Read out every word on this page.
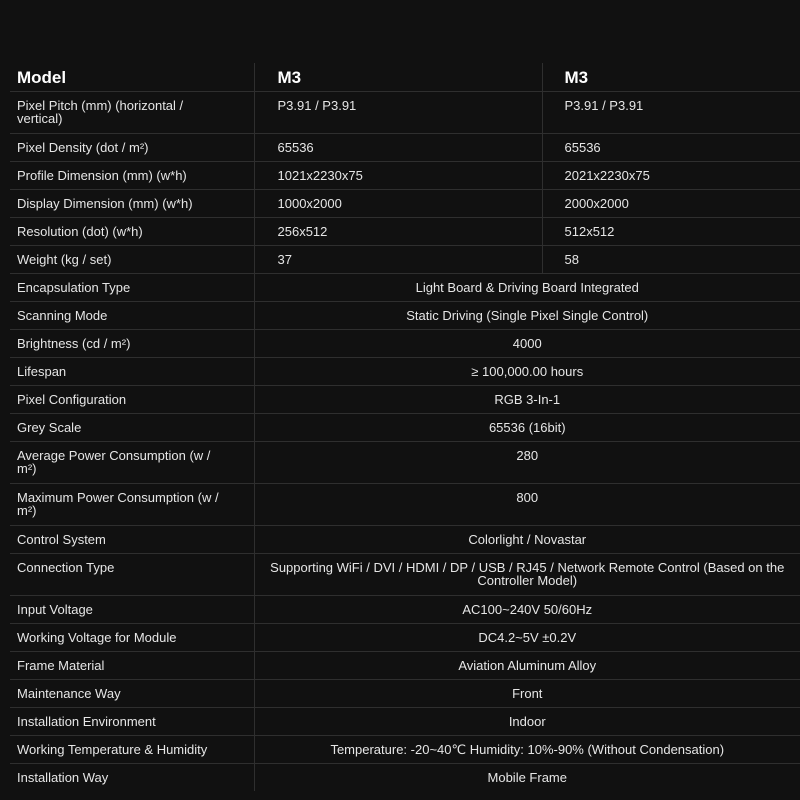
Model	M3	M3
Pixel Pitch (mm) (horizontal / vertical)	P3.91 / P3.91	P3.91 / P3.91
Pixel Density (dot / m²)	65536	65536
Profile Dimension (mm) (w*h)	1021x2230x75	2021x2230x75
Display Dimension (mm) (w*h)	1000x2000	2000x2000
Resolution (dot) (w*h)	256x512	512x512
Weight (kg / set)	37	58
Encapsulation Type	Light Board & Driving Board Integrated	
Scanning Mode	Static Driving (Single Pixel Single Control)	
Brightness (cd / m²)	4000	
Lifespan	≥ 100,000.00 hours	
Pixel Configuration	RGB 3-In-1	
Grey Scale	65536 (16bit)	
Average Power Consumption (w / m²)	280	
Maximum Power Consumption (w / m²)	800	
Control System	Colorlight / Novastar	
Connection Type	Supporting WiFi / DVI / HDMI / DP / USB / RJ45 / Network Remote Control (Based on the Controller Model)	
Input Voltage	AC100~240V 50/60Hz	
Working Voltage for Module	DC4.2~5V ±0.2V	
Frame Material	Aviation Aluminum Alloy	
Maintenance Way	Front	
Installation Environment	Indoor	
Working Temperature & Humidity	Temperature: -20~40℃ Humidity: 10%-90% (Without Condensation)	
Installation Way	Mobile Frame	
